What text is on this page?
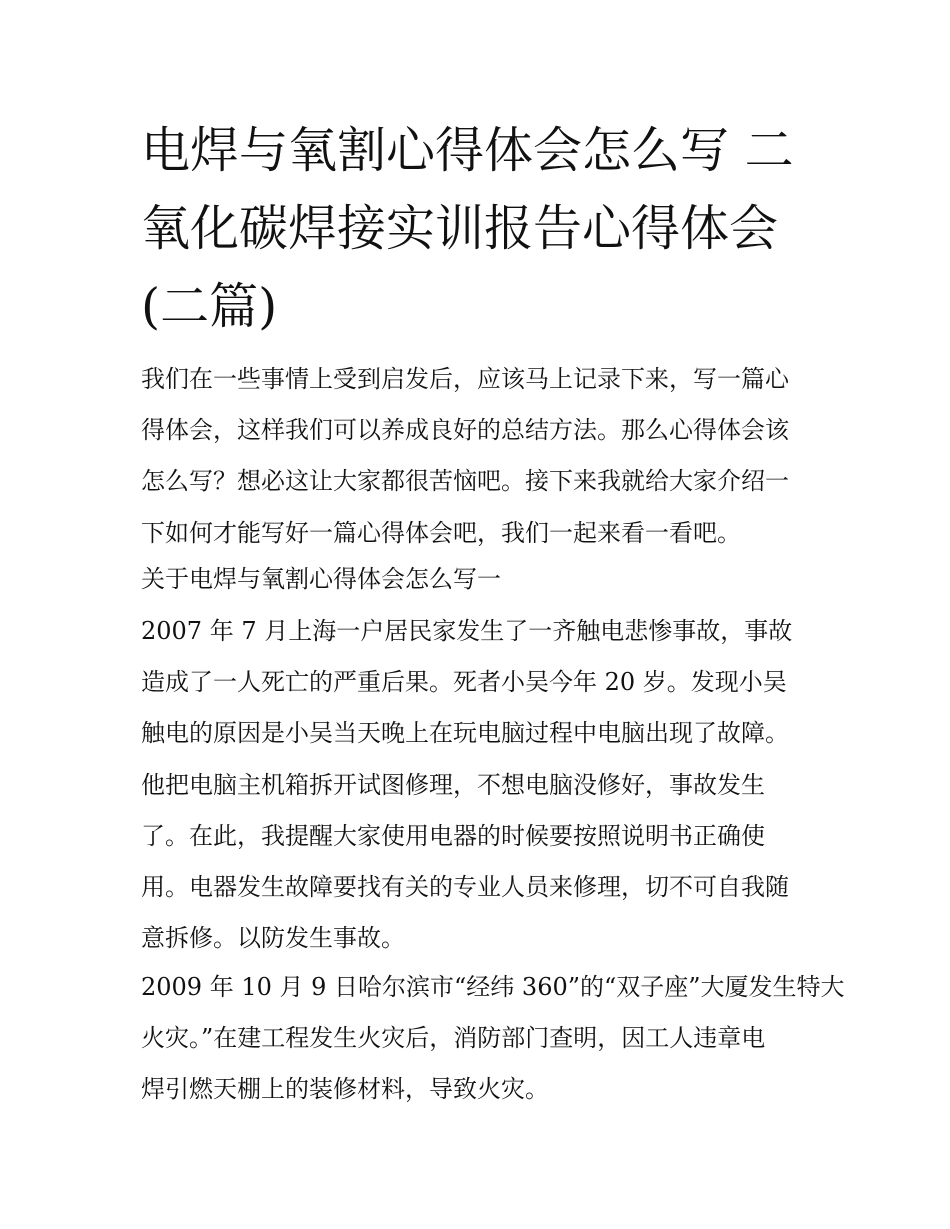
电焊与氧割心得体会怎么写 二
氧化碳焊接实训报告心得体会
(二篇)
我们在一些事情上受到启发后，应该马上记录下来，写一篇心
得体会，这样我们可以养成良好的总结方法。那么心得体会该
怎么写？想必这让大家都很苦恼吧。接下来我就给大家介绍一
下如何才能写好一篇心得体会吧，我们一起来看一看吧。
关于电焊与氧割心得体会怎么写一
2007 年 7 月上海一户居民家发生了一齐触电悲惨事故，事故
造成了一人死亡的严重后果。死者小吴今年 20 岁。发现小吴
触电的原因是小吴当天晚上在玩电脑过程中电脑出现了故障。
他把电脑主机箱拆开试图修理，不想电脑没修好，事故发生
了。在此，我提醒大家使用电器的时候要按照说明书正确使
用。电器发生故障要找有关的专业人员来修理，切不可自我随
意拆修。以防发生事故。
2009 年 10 月 9 日哈尔滨市“经纬 360”的“双子座”大厦发生特大
火灾。”在建工程发生火灾后，消防部门查明，因工人违章电
焊引燃天棚上的装修材料，导致火灾。
